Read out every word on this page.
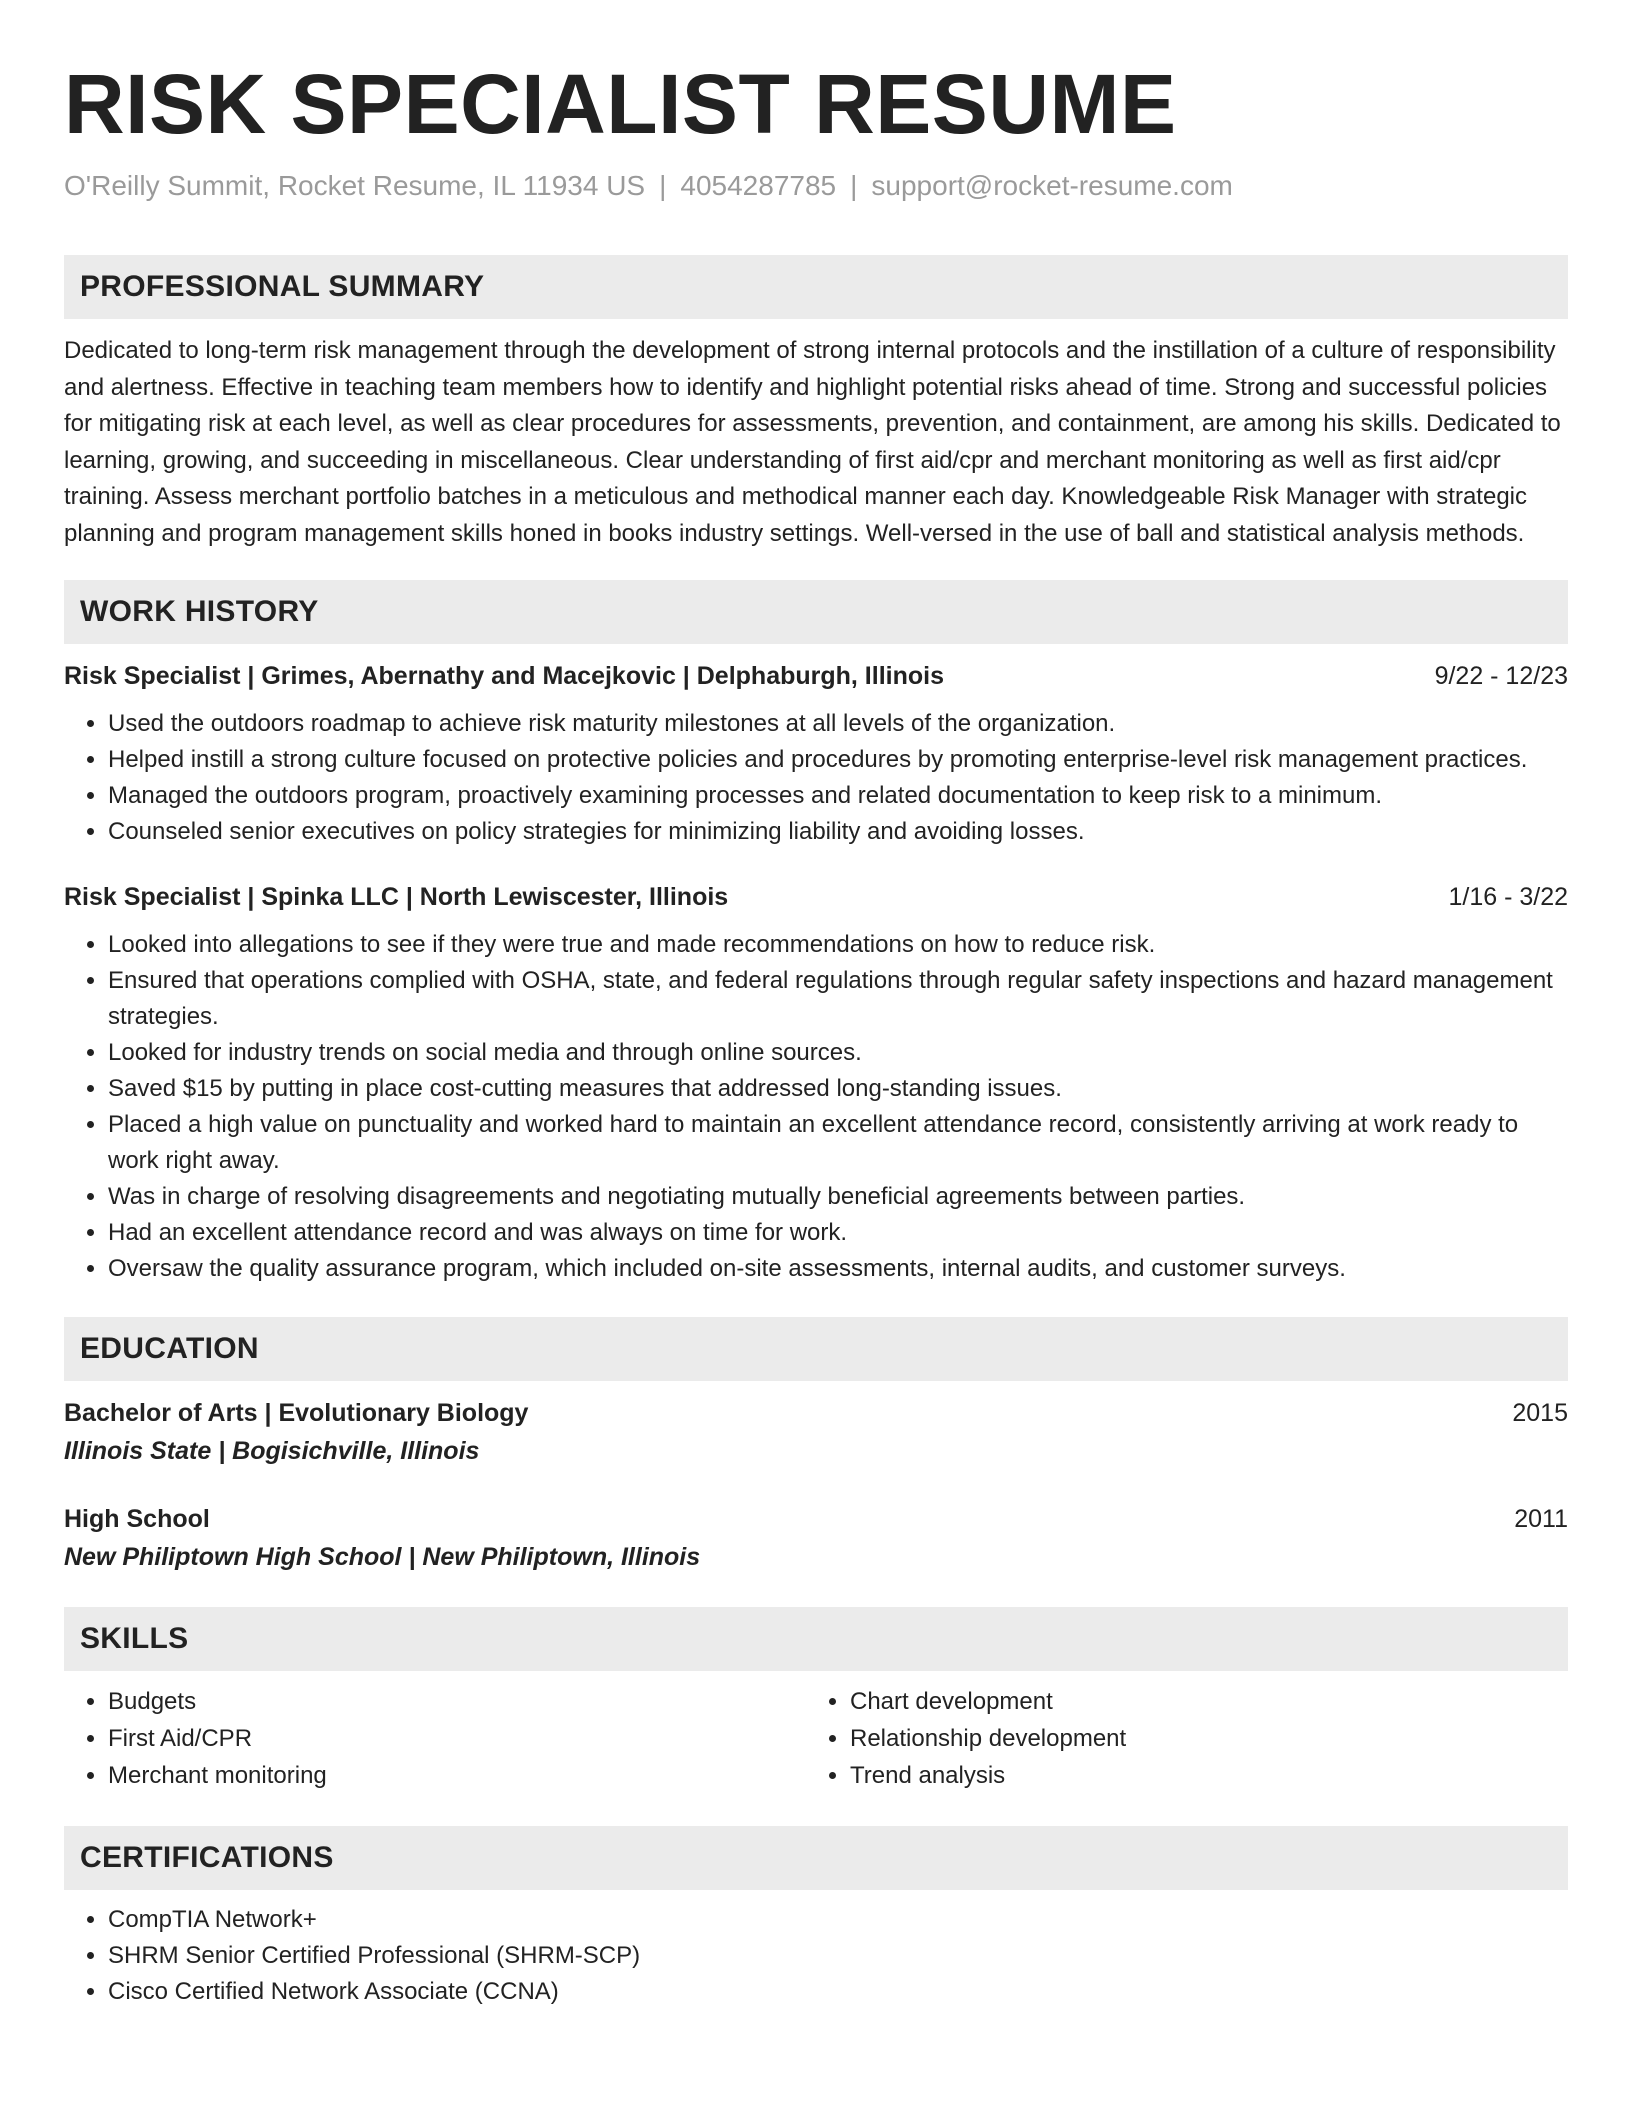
RISK SPECIALIST RESUME
O'Reilly Summit, Rocket Resume, IL 11934 US | 4054287785 | support@rocket-resume.com
PROFESSIONAL SUMMARY
Dedicated to long-term risk management through the development of strong internal protocols and the instillation of a culture of responsibility and alertness. Effective in teaching team members how to identify and highlight potential risks ahead of time. Strong and successful policies for mitigating risk at each level, as well as clear procedures for assessments, prevention, and containment, are among his skills. Dedicated to learning, growing, and succeeding in miscellaneous. Clear understanding of first aid/cpr and merchant monitoring as well as first aid/cpr training. Assess merchant portfolio batches in a meticulous and methodical manner each day. Knowledgeable Risk Manager with strategic planning and program management skills honed in books industry settings. Well-versed in the use of ball and statistical analysis methods.
WORK HISTORY
Risk Specialist | Grimes, Abernathy and Macejkovic | Delphaburgh, Illinois	9/22 - 12/23
• Used the outdoors roadmap to achieve risk maturity milestones at all levels of the organization.
• Helped instill a strong culture focused on protective policies and procedures by promoting enterprise-level risk management practices.
• Managed the outdoors program, proactively examining processes and related documentation to keep risk to a minimum.
• Counseled senior executives on policy strategies for minimizing liability and avoiding losses.
Risk Specialist | Spinka LLC | North Lewiscester, Illinois	1/16 - 3/22
• Looked into allegations to see if they were true and made recommendations on how to reduce risk.
• Ensured that operations complied with OSHA, state, and federal regulations through regular safety inspections and hazard management strategies.
• Looked for industry trends on social media and through online sources.
• Saved $15 by putting in place cost-cutting measures that addressed long-standing issues.
• Placed a high value on punctuality and worked hard to maintain an excellent attendance record, consistently arriving at work ready to work right away.
• Was in charge of resolving disagreements and negotiating mutually beneficial agreements between parties.
• Had an excellent attendance record and was always on time for work.
• Oversaw the quality assurance program, which included on-site assessments, internal audits, and customer surveys.
EDUCATION
Bachelor of Arts | Evolutionary Biology	2015
Illinois State | Bogisichville, Illinois
High School	2011
New Philiptown High School | New Philiptown, Illinois
SKILLS
• Budgets
• First Aid/CPR
• Merchant monitoring
• Chart development
• Relationship development
• Trend analysis
CERTIFICATIONS
• CompTIA Network+
• SHRM Senior Certified Professional (SHRM-SCP)
• Cisco Certified Network Associate (CCNA)
